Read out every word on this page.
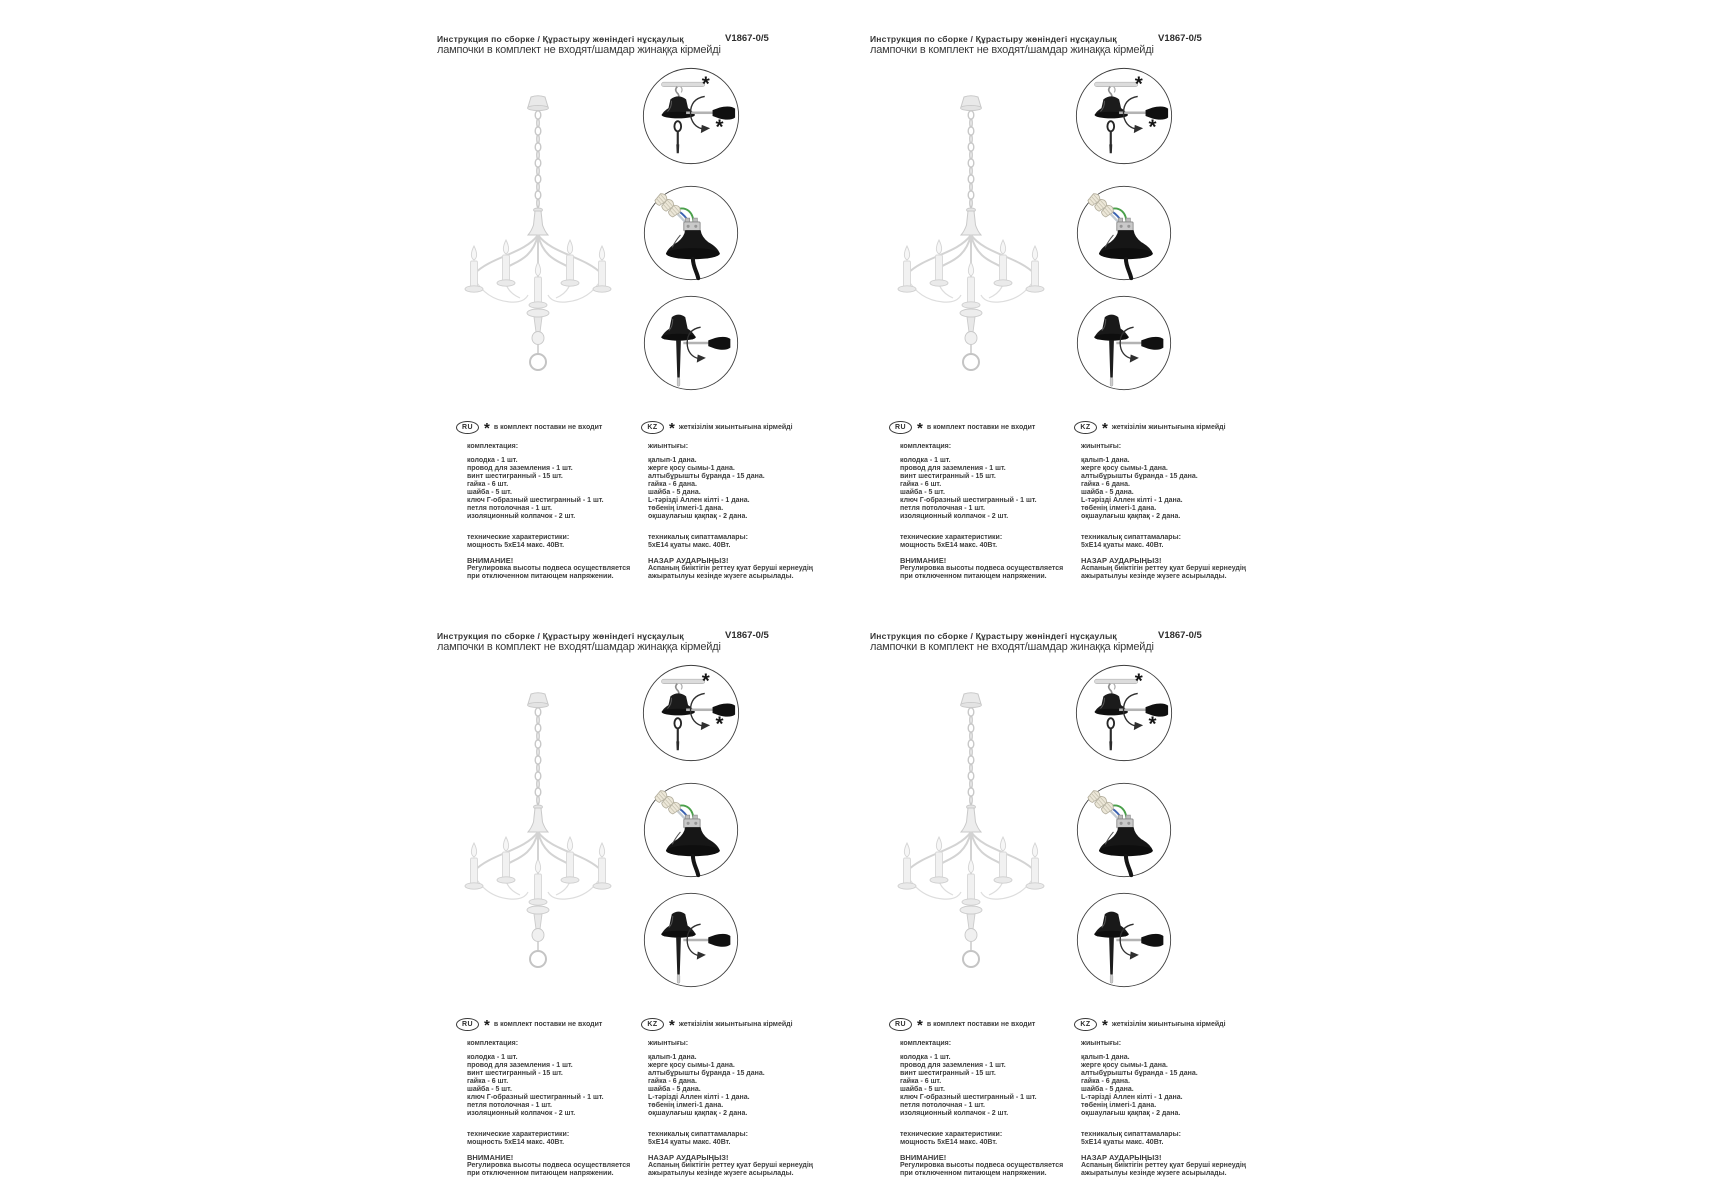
Инструкция по сборке / Құрастыру жөніндегі нұсқаулық	V1867-0/5
лампочки в комплект не входят/шамдар жинаққа кірмейді
*
*
RU * в комплект поставки не входит
комплектация:
колодка - 1 шт.
провод для заземления - 1 шт.
винт шестигранный - 15 шт.
гайка - 6 шт.
шайба - 5 шт.
ключ Г-образный шестигранный - 1 шт.
петля потолочная - 1 шт.
изоляционный колпачок - 2 шт.
технические характеристики:
мощность 5хЕ14 макс. 40Вт.
ВНИМАНИЕ!
Регулировка высоты подвеса осуществляется
при отключенном питающем напряжении.
KZ * жеткізілім жиынтығына кірмейді
жиынтығы:
қалып-1 дана.
жерге қосу сымы-1 дана.
алтыбұрышты бұранда - 15 дана.
гайка - 6 дана.
шайба - 5 дана.
L-тәрізді Аллен кілті - 1 дана.
төбенің ілмегі-1 дана.
оқшаулағыш қақпақ - 2 дана.
техникалық сипаттамалары:
5хЕ14 қуаты макс. 40Вт.
НАЗАР АУДАРЫҢЫЗ!
Аспаның биіктігін реттеу қуат беруші кернеудің
ажыратылуы кезінде жүзеге асырылады.
Инструкция по сборке / Құрастыру жөніндегі нұсқаулық	V1867-0/5
лампочки в комплект не входят/шамдар жинаққа кірмейді
*
*
RU * в комплект поставки не входит
комплектация:
колодка - 1 шт.
провод для заземления - 1 шт.
винт шестигранный - 15 шт.
гайка - 6 шт.
шайба - 5 шт.
ключ Г-образный шестигранный - 1 шт.
петля потолочная - 1 шт.
изоляционный колпачок - 2 шт.
технические характеристики:
мощность 5хЕ14 макс. 40Вт.
ВНИМАНИЕ!
Регулировка высоты подвеса осуществляется
при отключенном питающем напряжении.
KZ * жеткізілім жиынтығына кірмейді
жиынтығы:
қалып-1 дана.
жерге қосу сымы-1 дана.
алтыбұрышты бұранда - 15 дана.
гайка - 6 дана.
шайба - 5 дана.
L-тәрізді Аллен кілті - 1 дана.
төбенің ілмегі-1 дана.
оқшаулағыш қақпақ - 2 дана.
техникалық сипаттамалары:
5хЕ14 қуаты макс. 40Вт.
НАЗАР АУДАРЫҢЫЗ!
Аспаның биіктігін реттеу қуат беруші кернеудің
ажыратылуы кезінде жүзеге асырылады.
Инструкция по сборке / Құрастыру жөніндегі нұсқаулық	V1867-0/5
лампочки в комплект не входят/шамдар жинаққа кірмейді
*
*
RU * в комплект поставки не входит
комплектация:
колодка - 1 шт.
провод для заземления - 1 шт.
винт шестигранный - 15 шт.
гайка - 6 шт.
шайба - 5 шт.
ключ Г-образный шестигранный - 1 шт.
петля потолочная - 1 шт.
изоляционный колпачок - 2 шт.
технические характеристики:
мощность 5хЕ14 макс. 40Вт.
ВНИМАНИЕ!
Регулировка высоты подвеса осуществляется
при отключенном питающем напряжении.
KZ * жеткізілім жиынтығына кірмейді
жиынтығы:
қалып-1 дана.
жерге қосу сымы-1 дана.
алтыбұрышты бұранда - 15 дана.
гайка - 6 дана.
шайба - 5 дана.
L-тәрізді Аллен кілті - 1 дана.
төбенің ілмегі-1 дана.
оқшаулағыш қақпақ - 2 дана.
техникалық сипаттамалары:
5хЕ14 қуаты макс. 40Вт.
НАЗАР АУДАРЫҢЫЗ!
Аспаның биіктігін реттеу қуат беруші кернеудің
ажыратылуы кезінде жүзеге асырылады.
Инструкция по сборке / Құрастыру жөніндегі нұсқаулық	V1867-0/5
лампочки в комплект не входят/шамдар жинаққа кірмейді
*
*
RU * в комплект поставки не входит
комплектация:
колодка - 1 шт.
провод для заземления - 1 шт.
винт шестигранный - 15 шт.
гайка - 6 шт.
шайба - 5 шт.
ключ Г-образный шестигранный - 1 шт.
петля потолочная - 1 шт.
изоляционный колпачок - 2 шт.
технические характеристики:
мощность 5хЕ14 макс. 40Вт.
ВНИМАНИЕ!
Регулировка высоты подвеса осуществляется
при отключенном питающем напряжении.
KZ * жеткізілім жиынтығына кірмейді
жиынтығы:
қалып-1 дана.
жерге қосу сымы-1 дана.
алтыбұрышты бұранда - 15 дана.
гайка - 6 дана.
шайба - 5 дана.
L-тәрізді Аллен кілті - 1 дана.
төбенің ілмегі-1 дана.
оқшаулағыш қақпақ - 2 дана.
техникалық сипаттамалары:
5хЕ14 қуаты макс. 40Вт.
НАЗАР АУДАРЫҢЫЗ!
Аспаның биіктігін реттеу қуат беруші кернеудің
ажыратылуы кезінде жүзеге асырылады.
